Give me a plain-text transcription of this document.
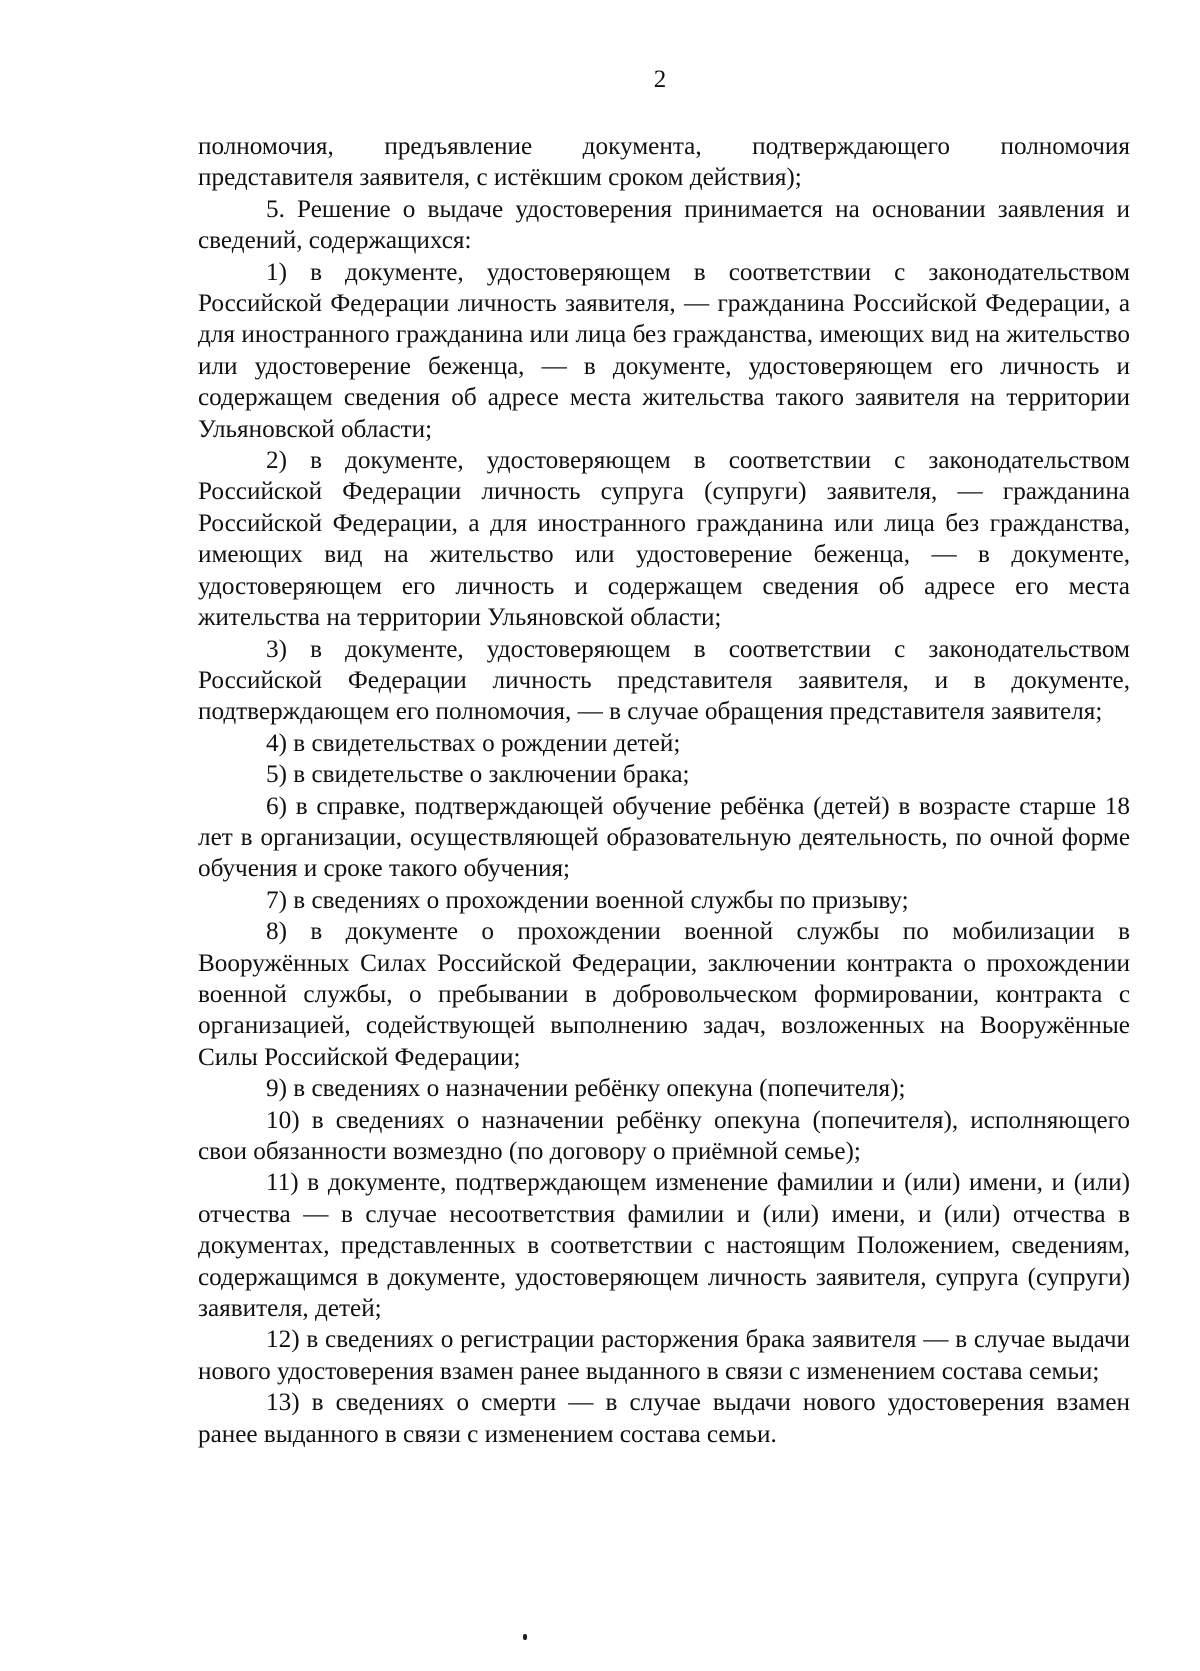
2

полномочия, предъявление документа, подтверждающего полномочия

представителя заявителя, с истёкшим сроком действия);

5. Решение о выдаче удостоверения принимается на основании заявления и сведений, содержащихся:

1) в документе, удостоверяющем в соответствии с законодательством Российской Федерации личность заявителя, — гражданина Российской Федерации, а для иностранного гражданина или лица без гражданства, имеющих вид на жительство или удостоверение беженца, — в документе, удостоверяющем его личность и содержащем сведения об адресе места жительства такого заявителя на территории Ульяновской области;

2) в документе, удостоверяющем в соответствии с законодательством Российской Федерации личность супруга (супруги) заявителя, — гражданина Российской Федерации, а для иностранного гражданина или лица без гражданства, имеющих вид на жительство или удостоверение беженца, — в документе, удостоверяющем его личность и содержащем сведения об адресе его места жительства на территории Ульяновской области;

3) в документе, удостоверяющем в соответствии с законодательством Российской Федерации личность представителя заявителя, и в документе, подтверждающем его полномочия, — в случае обращения представителя заявителя;

4) в свидетельствах о рождении детей;

5) в свидетельстве о заключении брака;

6) в справке, подтверждающей обучение ребёнка (детей) в возрасте старше 18 лет в организации, осуществляющей образовательную деятельность, по очной форме обучения и сроке такого обучения;

7) в сведениях о прохождении военной службы по призыву;

8) в документе о прохождении военной службы по мобилизации в Вооружённых Силах Российской Федерации, заключении контракта о прохождении военной службы, о пребывании в добровольческом формировании, контракта с организацией, содействующей выполнению задач, возложенных на Вооружённые Силы Российской Федерации;

9) в сведениях о назначении ребёнку опекуна (попечителя);

10) в сведениях о назначении ребёнку опекуна (попечителя), исполняющего свои обязанности возмездно (по договору о приёмной семье);

11) в документе, подтверждающем изменение фамилии и (или) имени, и (или) отчества — в случае несоответствия фамилии и (или) имени, и (или) отчества в документах, представленных в соответствии с настоящим Положением, сведениям, содержащимся в документе, удостоверяющем личность заявителя, супруга (супруги) заявителя, детей;

12) в сведениях о регистрации расторжения брака заявителя — в случае выдачи нового удостоверения взамен ранее выданного в связи с изменением состава семьи;

13) в сведениях о смерти — в случае выдачи нового удостоверения взамен ранее выданного в связи с изменением состава семьи.
